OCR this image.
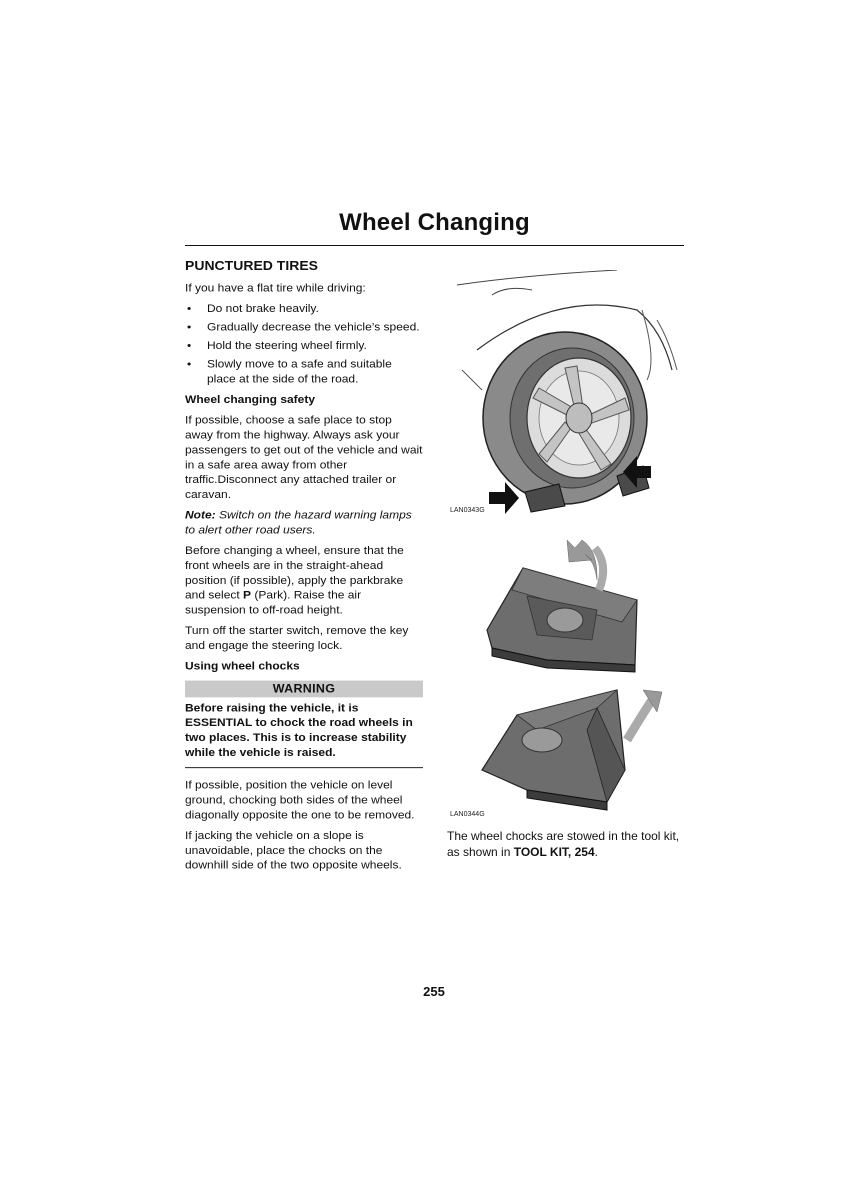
Wheel Changing
PUNCTURED TIRES

If you have a flat tire while driving:

• Do not brake heavily.
• Gradually decrease the vehicle’s speed.
• Hold the steering wheel firmly.
• Slowly move to a safe and suitable place at the side of the road.

Wheel changing safety

If possible, choose a safe place to stop away from the highway. Always ask your passengers to get out of the vehicle and wait in a safe area away from other traffic.Disconnect any attached trailer or caravan.

Note: Switch on the hazard warning lamps to alert other road users.

Before changing a wheel, ensure that the front wheels are in the straight-ahead position (if possible), apply the parkbrake and select P (Park). Raise the air suspension to off-road height.

Turn off the starter switch, remove the key and engage the steering lock.

Using wheel chocks

WARNING
Before raising the vehicle, it is ESSENTIAL to chock the road wheels in two places. This is to increase stability while the vehicle is raised.

If possible, position the vehicle on level ground, chocking both sides of the wheel diagonally opposite the one to be removed.

If jacking the vehicle on a slope is unavoidable, place the chocks on the downhill side of the two opposite wheels.

LAN0343G
LAN0344G
The wheel chocks are stowed in the tool kit, as shown in TOOL KIT, 254.
255
